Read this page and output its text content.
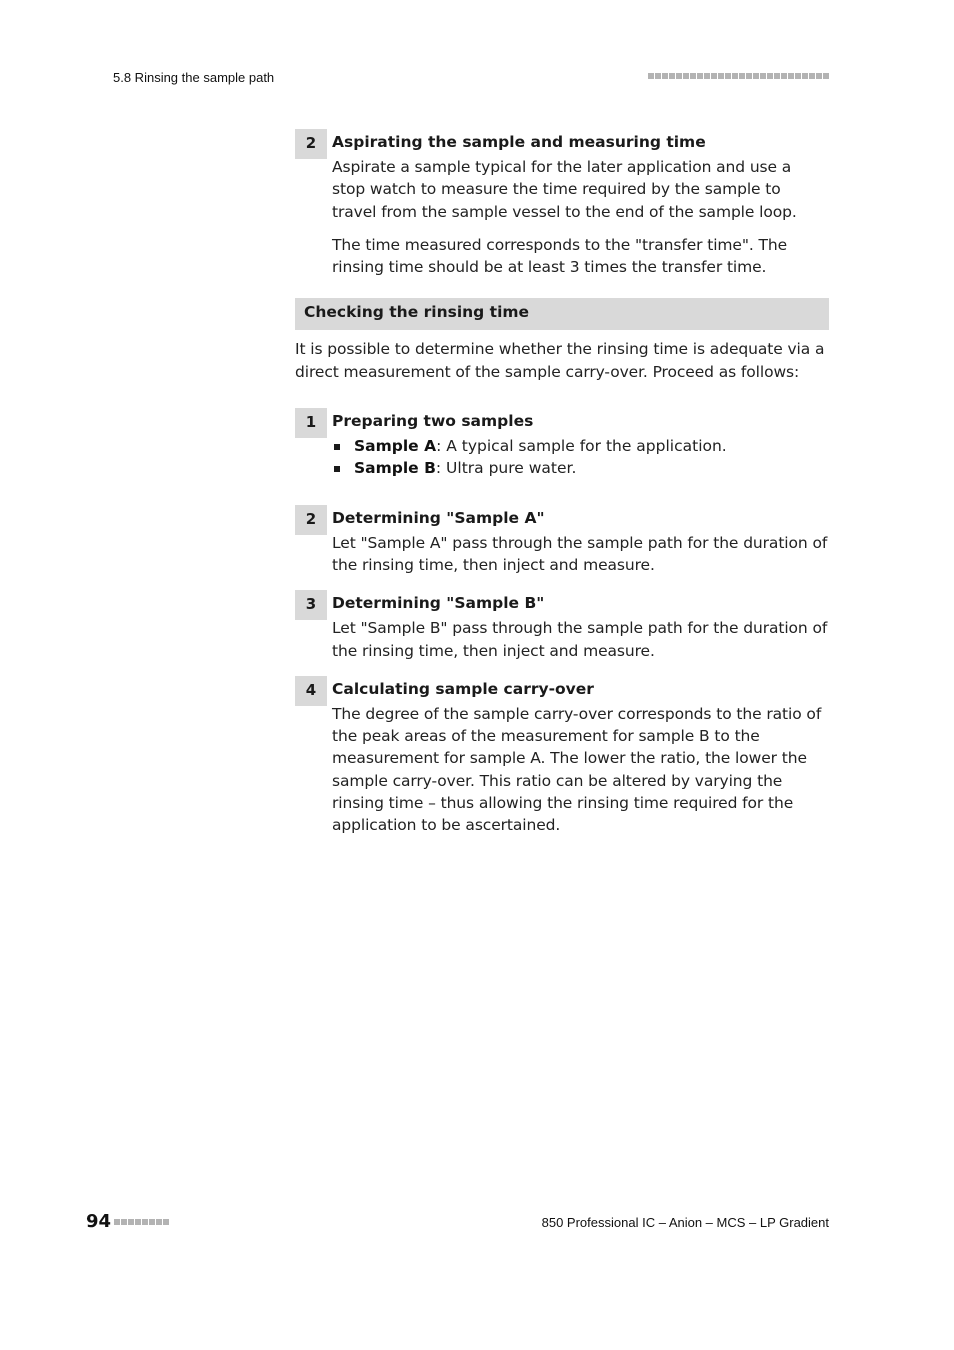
5.8 Rinsing the sample path
2	Aspirating the sample and measuring time

Aspirate a sample typical for the later application and use a stop watch to measure the time required by the sample to travel from the sample vessel to the end of the sample loop.

The time measured corresponds to the "transfer time". The rinsing time should be at least 3 times the transfer time.

Checking the rinsing time

It is possible to determine whether the rinsing time is adequate via a direct measurement of the sample carry-over. Proceed as follows:

1	Preparing two samples
Sample A: A typical sample for the application.
Sample B: Ultra pure water.
2	Determining "Sample A"

Let "Sample A" pass through the sample path for the duration of the rinsing time, then inject and measure.

3	Determining "Sample B"

Let "Sample B" pass through the sample path for the duration of the rinsing time, then inject and measure.

4	Calculating sample carry-over

The degree of the sample carry-over corresponds to the ratio of the peak areas of the measurement for sample B to the measurement for sample A. The lower the ratio, the lower the sample carry-over. This ratio can be altered by varying the rinsing time – thus allowing the rinsing time required for the application to be ascertained.

94	850 Professional IC – Anion – MCS – LP Gradient
